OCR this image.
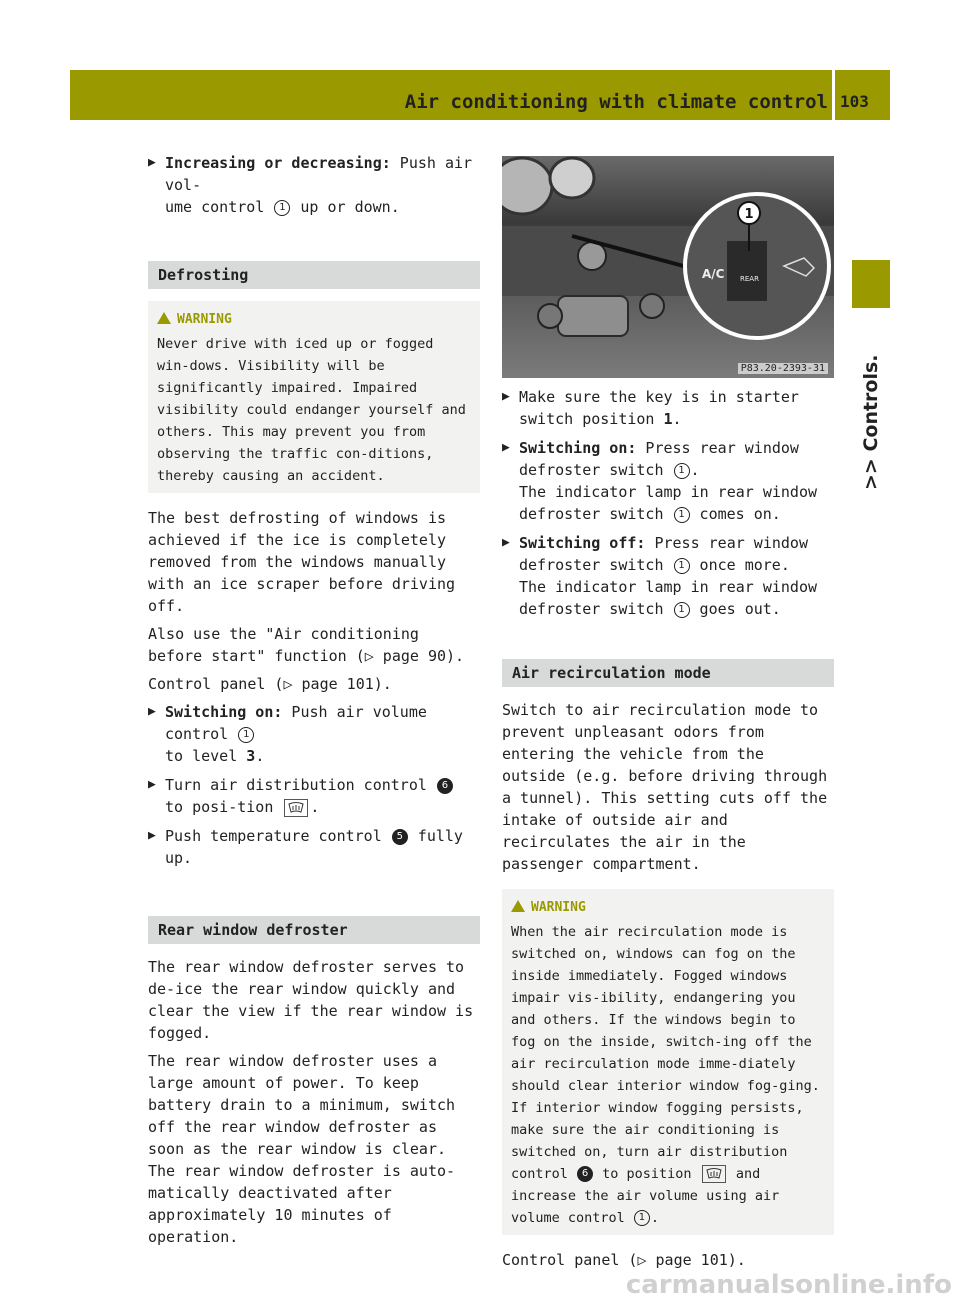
Air conditioning with climate control 103
>> Controls.
▶ Increasing or decreasing: Push air vol-
ume control 1 up or down.
Defrosting
WARNING
Never drive with iced up or fogged win-dows. Visibility will be significantly impaired. Impaired visibility could endanger yourself and others. This may prevent you from observing the traffic con-ditions, thereby causing an accident.

The best defrosting of windows is achieved if the ice is completely removed from the windows manually with an ice scraper before driving off.

Also use the "Air conditioning before start" function (▷ page 90).

Control panel (▷ page 101).

▶ Switching on: Push air volume control 1
to level 3.
▶ Turn air distribution control 6 to posi-tion .
▶ Push temperature control 5 fully up.
Rear window defroster

The rear window defroster serves to de-ice the rear window quickly and clear the view if the rear window is fogged.

The rear window defroster uses a large amount of power. To keep battery drain to a minimum, switch off the rear window defroster as soon as the rear window is clear. The rear window defroster is auto-matically deactivated after approximately 10 minutes of operation.

1
A/C REAR
P83.20-2393-31
▶ Make sure the key is in starter switch position 1.
▶ Switching on: Press rear window defroster switch 1 .
The indicator lamp in rear window defroster switch 1 comes on.
▶ Switching off: Press rear window defroster switch 1 once more.
The indicator lamp in rear window defroster switch 1 goes out.
Air recirculation mode

Switch to air recirculation mode to prevent unpleasant odors from entering the vehicle from the outside (e.g. before driving through a tunnel). This setting cuts off the intake of outside air and recirculates the air in the passenger compartment.

WARNING
When the air recirculation mode is switched on, windows can fog on the inside immediately. Fogged windows impair vis-ibility, endangering you and others. If the windows begin to fog on the inside, switch-ing off the air recirculation mode imme-diately should clear interior window fog-ging. If interior window fogging persists, make sure the air conditioning is switched on, turn air distribution control 6 to position  and increase the air volume using air volume control 1 .

Control panel (▷ page 101).

carmanualsonline.info
